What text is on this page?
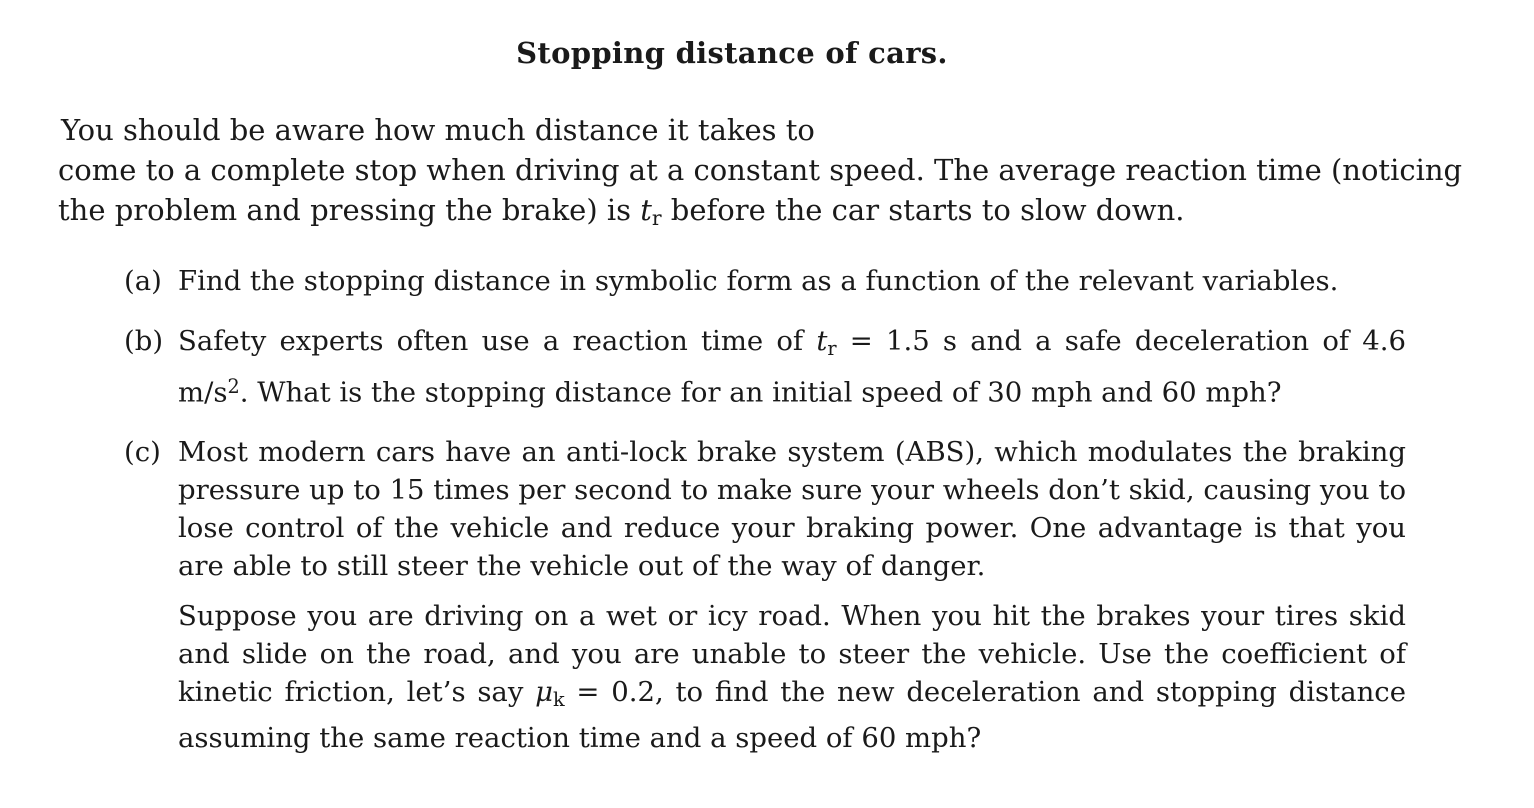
Stopping distance of cars.
You should be aware how much distance it takes to
come to a complete stop when driving at a constant speed. The average reaction time (noticing
the problem and pressing the brake) is $t_r$ before the car starts to slow down.
(a) Find the stopping distance in symbolic form as a function of the relevant variables.

(b) Safety experts often use a reaction time of $t_r = 1.5$ s and a safe deceleration of 4.6 $m/s^2$. What is the stopping distance for an initial speed of 30 mph and 60 mph?

(c) Most modern cars have an anti-lock brake system (ABS), which modulates the braking pressure up to 15 times per second to make sure your wheels don’t skid, causing you to lose control of the vehicle and reduce your braking power. One advantage is that you are able to still steer the vehicle out of the way of danger.

Suppose you are driving on a wet or icy road. When you hit the brakes your tires skid and slide on the road, and you are unable to steer the vehicle. Use the coefficient of kinetic friction, let’s say $\mu_k = 0.2$, to find the new deceleration and stopping distance assuming the same reaction time and a speed of 60 mph?
